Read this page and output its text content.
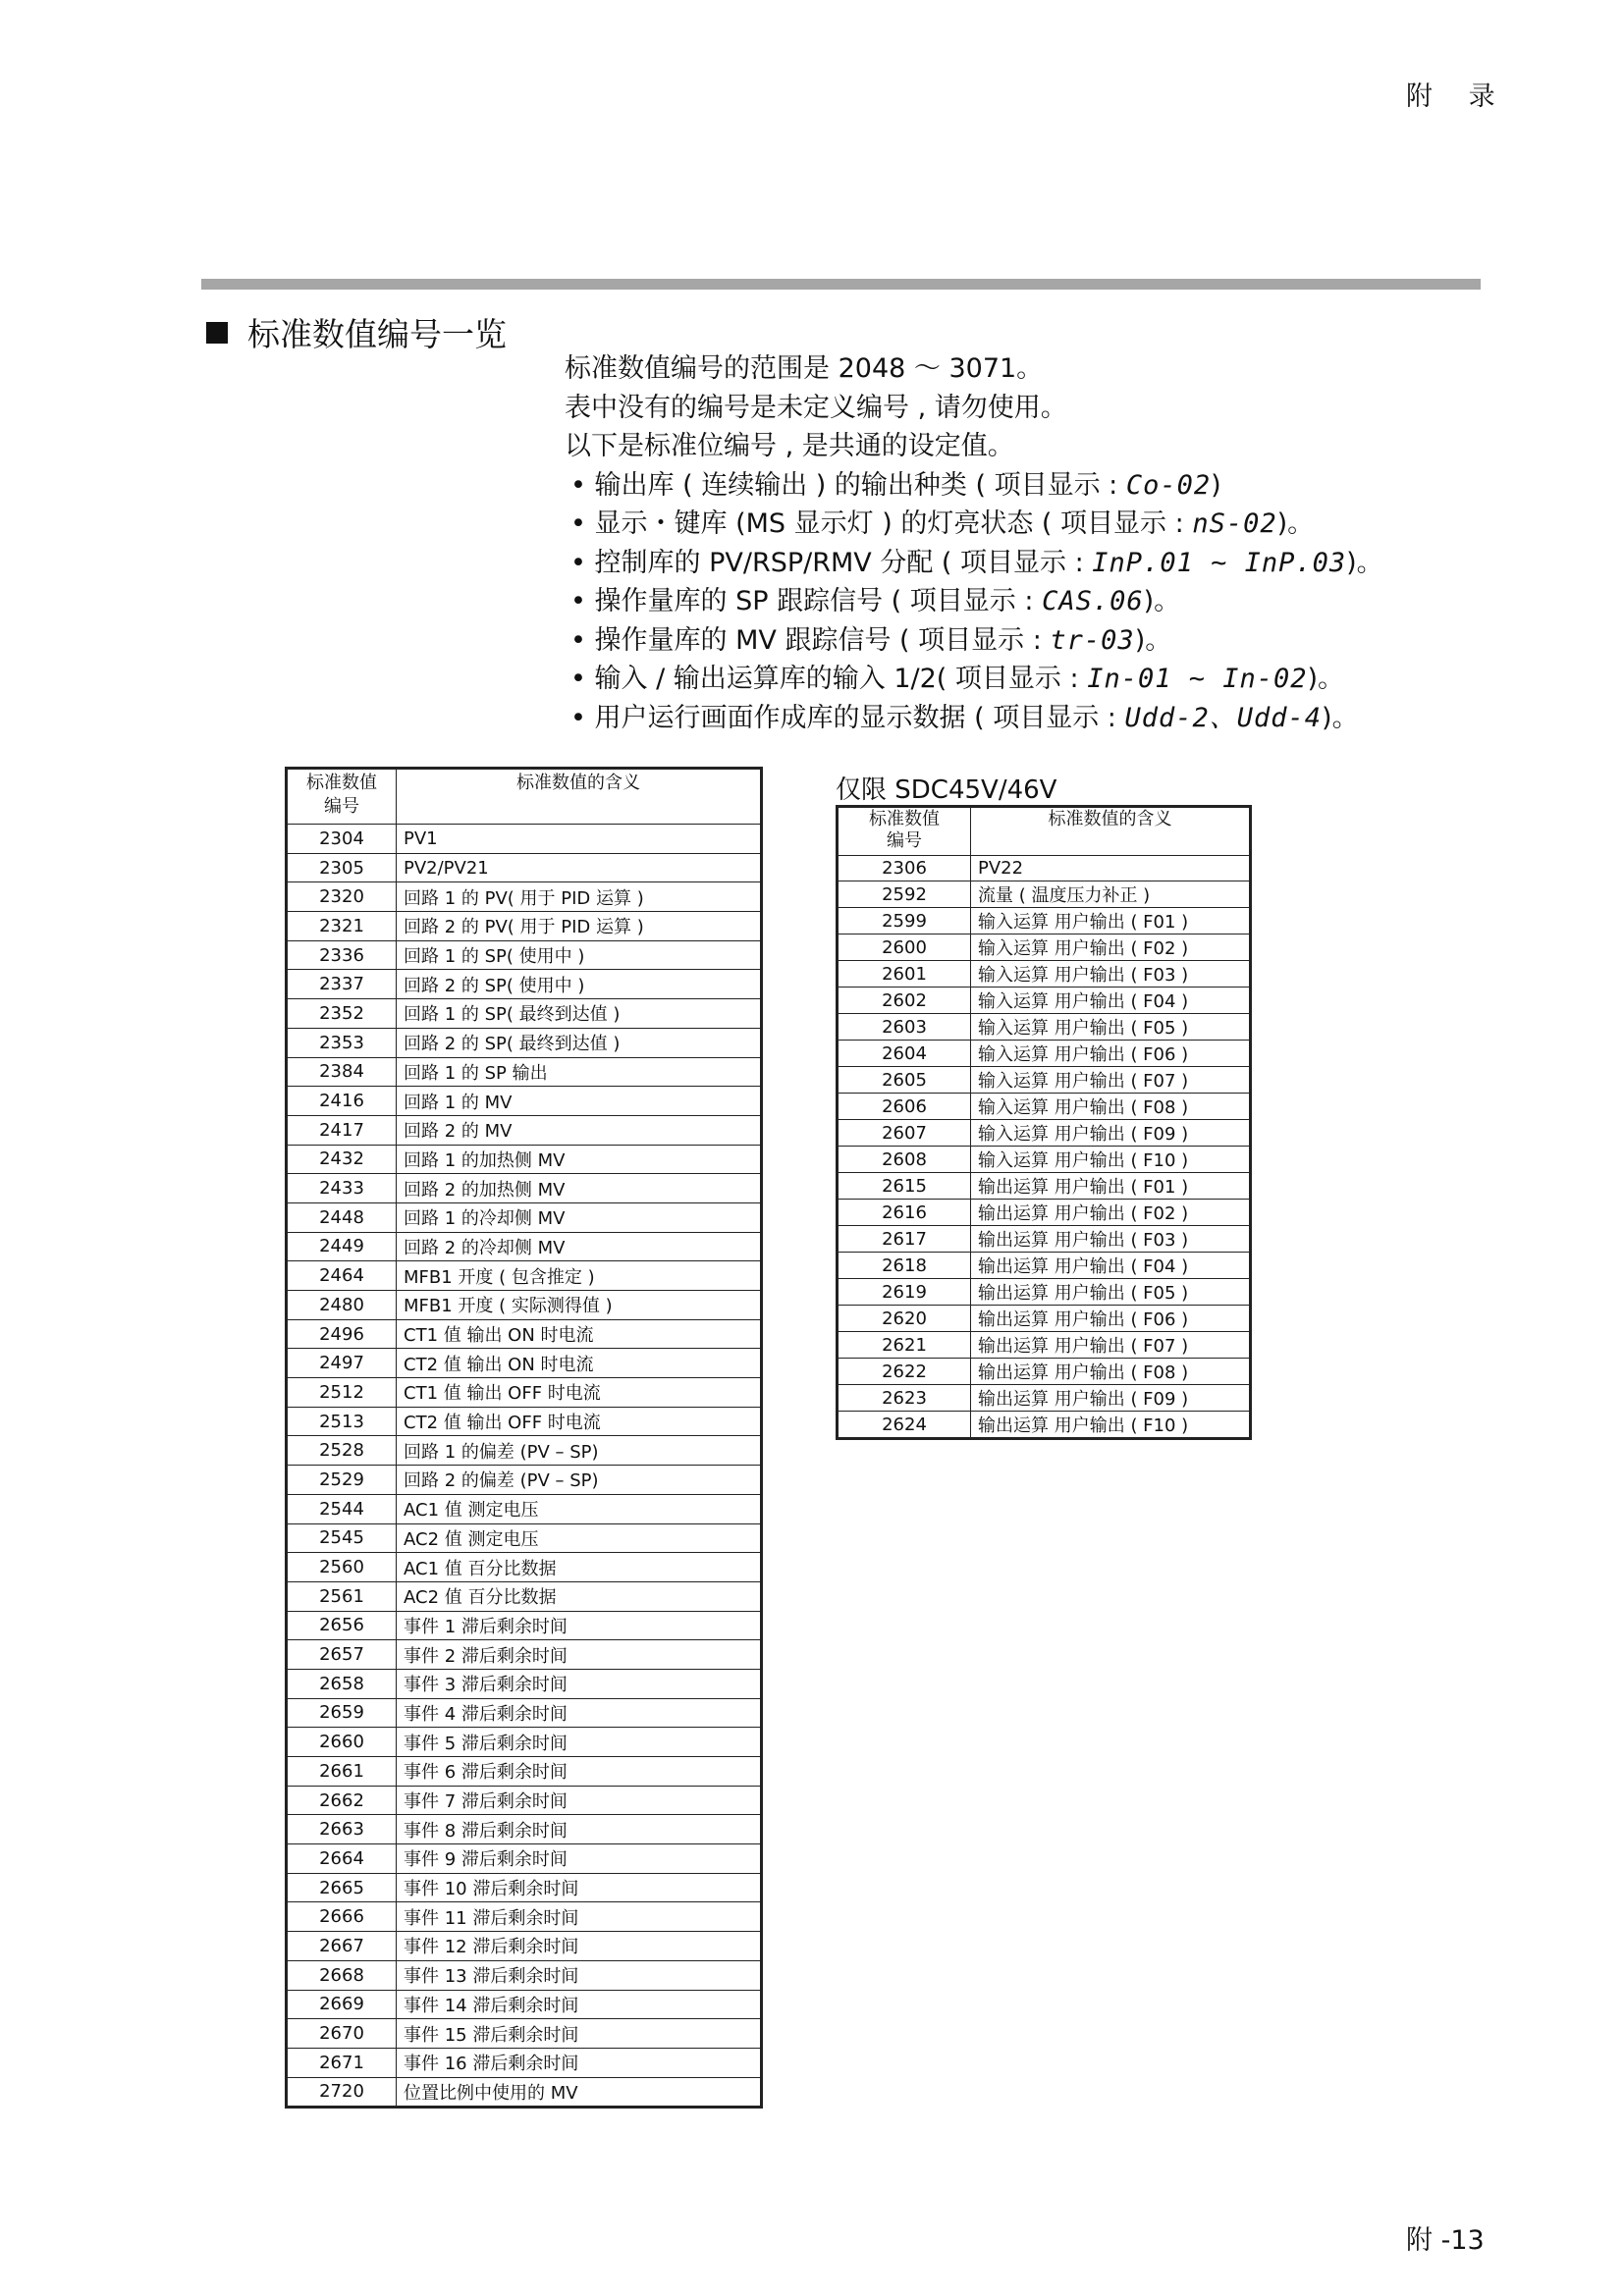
附 录
标准数值编号一览
标准数值编号的范围是 2048 ～ 3071。
表中没有的编号是未定义编号 , 请勿使用。
以下是标准位编号 , 是共通的设定值。
• 输出库 ( 连续输出 ) 的输出种类 ( 项目显示 : Co-02)
• 显示・键库 (MS 显示灯 ) 的灯亮状态 ( 项目显示 : nS-02)。
• 控制库的 PV/RSP/RMV 分配 ( 项目显示 : InP.01 ~ InP.03)。
• 操作量库的 SP 跟踪信号 ( 项目显示 : CAS.06)。
• 操作量库的 MV 跟踪信号 ( 项目显示 : tr-03)。
• 输入 / 输出运算库的输入 1/2( 项目显示 : In-01 ~ In-02)。
• 用户运行画面作成库的显示数据 ( 项目显示 : Udd-2、Udd-4)。
标准数值
编号	标准数值的含义
2304	PV1
2305	PV2/PV21
2320	回路 1 的 PV( 用于 PID 运算 )
2321	回路 2 的 PV( 用于 PID 运算 )
2336	回路 1 的 SP( 使用中 )
2337	回路 2 的 SP( 使用中 )
2352	回路 1 的 SP( 最终到达值 )
2353	回路 2 的 SP( 最终到达值 )
2384	回路 1 的 SP 输出
2416	回路 1 的 MV
2417	回路 2 的 MV
2432	回路 1 的加热侧 MV
2433	回路 2 的加热侧 MV
2448	回路 1 的冷却侧 MV
2449	回路 2 的冷却侧 MV
2464	MFB1 开度 ( 包含推定 )
2480	MFB1 开度 ( 实际测得值 )
2496	CT1 值 输出 ON 时电流
2497	CT2 值 输出 ON 时电流
2512	CT1 值 输出 OFF 时电流
2513	CT2 值 输出 OFF 时电流
2528	回路 1 的偏差 (PV – SP)
2529	回路 2 的偏差 (PV – SP)
2544	AC1 值 测定电压
2545	AC2 值 测定电压
2560	AC1 值 百分比数据
2561	AC2 值 百分比数据
2656	事件 1 滞后剩余时间
2657	事件 2 滞后剩余时间
2658	事件 3 滞后剩余时间
2659	事件 4 滞后剩余时间
2660	事件 5 滞后剩余时间
2661	事件 6 滞后剩余时间
2662	事件 7 滞后剩余时间
2663	事件 8 滞后剩余时间
2664	事件 9 滞后剩余时间
2665	事件 10 滞后剩余时间
2666	事件 11 滞后剩余时间
2667	事件 12 滞后剩余时间
2668	事件 13 滞后剩余时间
2669	事件 14 滞后剩余时间
2670	事件 15 滞后剩余时间
2671	事件 16 滞后剩余时间
2720	位置比例中使用的 MV
仅限 SDC45V/46V
标准数值
编号	标准数值的含义
2306	PV22
2592	流量 ( 温度压力补正 )
2599	输入运算 用户输出 ( F01 )
2600	输入运算 用户输出 ( F02 )
2601	输入运算 用户输出 ( F03 )
2602	输入运算 用户输出 ( F04 )
2603	输入运算 用户输出 ( F05 )
2604	输入运算 用户输出 ( F06 )
2605	输入运算 用户输出 ( F07 )
2606	输入运算 用户输出 ( F08 )
2607	输入运算 用户输出 ( F09 )
2608	输入运算 用户输出 ( F10 )
2615	输出运算 用户输出 ( F01 )
2616	输出运算 用户输出 ( F02 )
2617	输出运算 用户输出 ( F03 )
2618	输出运算 用户输出 ( F04 )
2619	输出运算 用户输出 ( F05 )
2620	输出运算 用户输出 ( F06 )
2621	输出运算 用户输出 ( F07 )
2622	输出运算 用户输出 ( F08 )
2623	输出运算 用户输出 ( F09 )
2624	输出运算 用户输出 ( F10 )
附 -13
